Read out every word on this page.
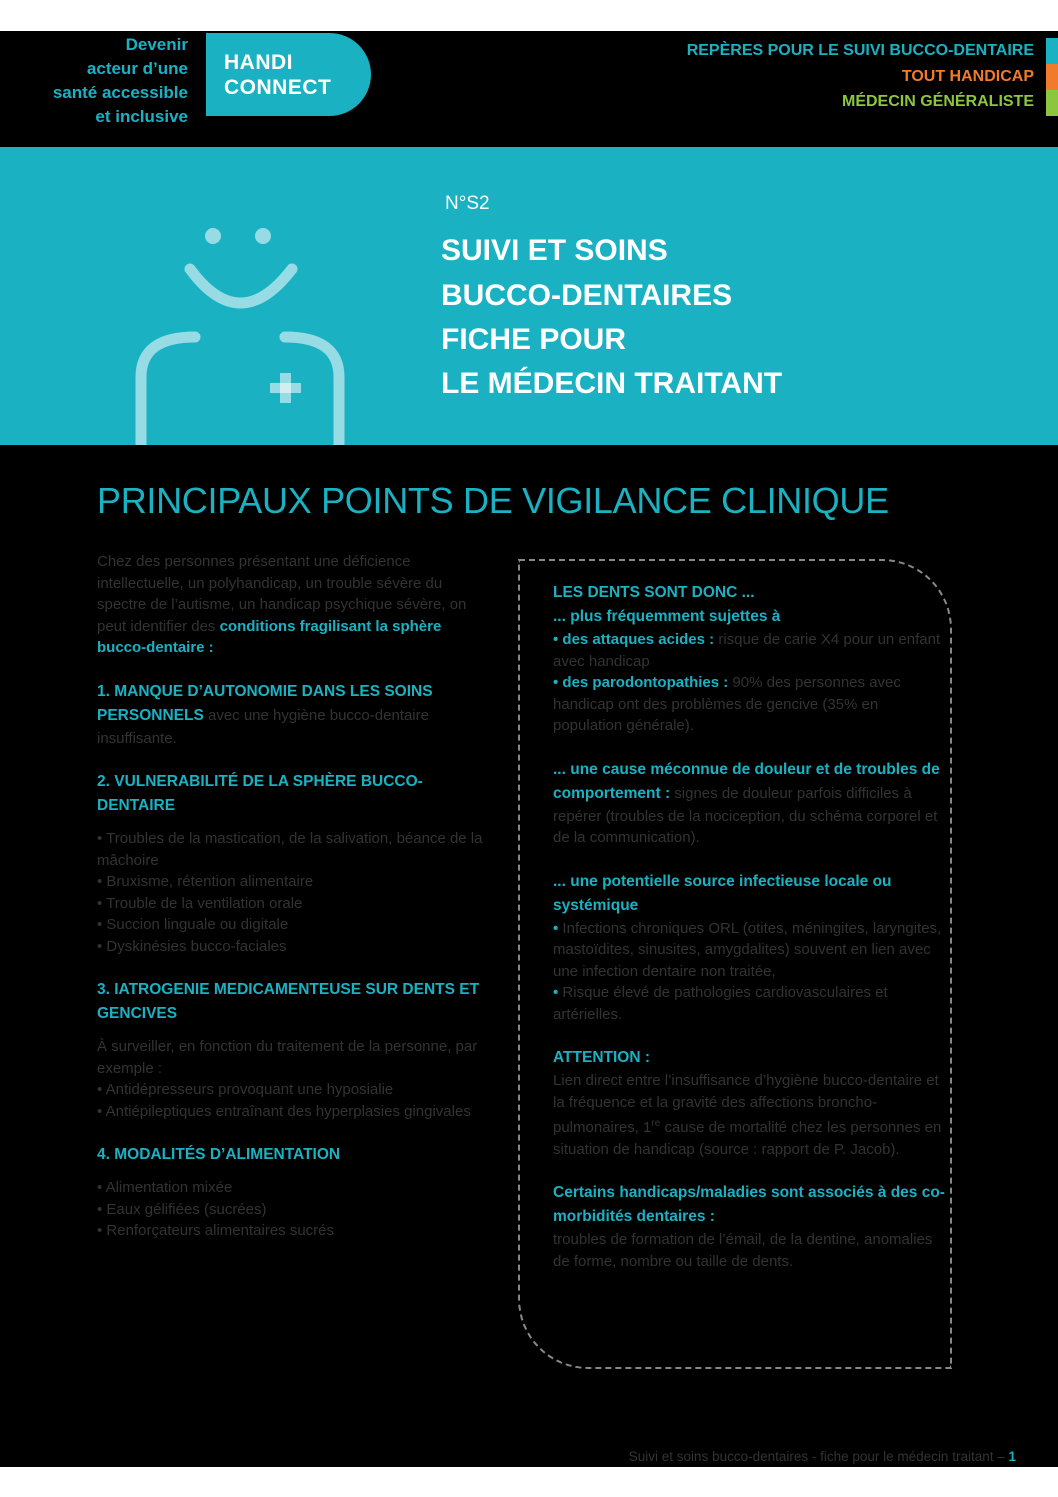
Devenir
acteur d’une
santé accessible
et inclusive
HANDI
CONNECT
REPÈRES POUR LE SUIVI BUCCO-DENTAIRE
TOUT HANDICAP
MÉDECIN GÉNÉRALISTE
N°S2
SUIVI ET SOINS
BUCCO-DENTAIRES
FICHE POUR
LE MÉDECIN TRAITANT
PRINCIPAUX POINTS DE VIGILANCE CLINIQUE

Chez des personnes présentant une déficience intellectuelle, un polyhandicap, un trouble sévère du spectre de l’autisme, un handicap psychique sévère, on peut identifier des conditions fragilisant la sphère bucco-dentaire :

1. MANQUE D’AUTONOMIE DANS LES SOINS PERSONNELS avec une hygiène bucco-dentaire insuffisante.

2. VULNERABILITÉ DE LA SPHÈRE BUCCO-DENTAIRE

• Troubles de la mastication, de la salivation, béance de la mâchoire

• Bruxisme, rétention alimentaire

• Trouble de la ventilation orale

• Succion linguale ou digitale

• Dyskinésies bucco-faciales

3. IATROGENIE MEDICAMENTEUSE SUR DENTS ET GENCIVES

À surveiller, en fonction du traitement de la personne, par exemple :

• Antidépresseurs provoquant une hyposialie

• Antiépileptiques entraînant des hyperplasies gingivales

4. MODALITÉS D’ALIMENTATION

• Alimentation mixée

• Eaux gélifiées (sucrées)

• Renforçateurs alimentaires sucrés

LES DENTS SONT DONC ...

... plus fréquemment sujettes à

• des attaques acides : risque de carie X4 pour un enfant avec handicap

• des parodontopathies : 90% des personnes avec handicap ont des problèmes de gencive (35% en population générale).

... une cause méconnue de douleur et de troubles de comportement : signes de douleur parfois difficiles à repérer (troubles de la nociception, du schéma corporel et de la communication).

... une potentielle source infectieuse locale ou systémique

• Infections chroniques ORL (otites, méningites, laryngites, mastoïdites, sinusites, amygdalites) souvent en lien avec une infection dentaire non traitée,

• Risque élevé de pathologies cardiovasculaires et artérielles.

ATTENTION :

Lien direct entre l’insuffisance d’hygiène bucco-dentaire et la fréquence et la gravité des affections broncho-pulmonaires, 1re cause de mortalité chez les personnes en situation de handicap (source : rapport de P. Jacob).

Certains handicaps/maladies sont associés à des co-morbidités dentaires :

troubles de formation de l’émail, de la dentine, anomalies de forme, nombre ou taille de dents.

Suivi et soins bucco-dentaires - fiche pour le médecin traitant – 1
